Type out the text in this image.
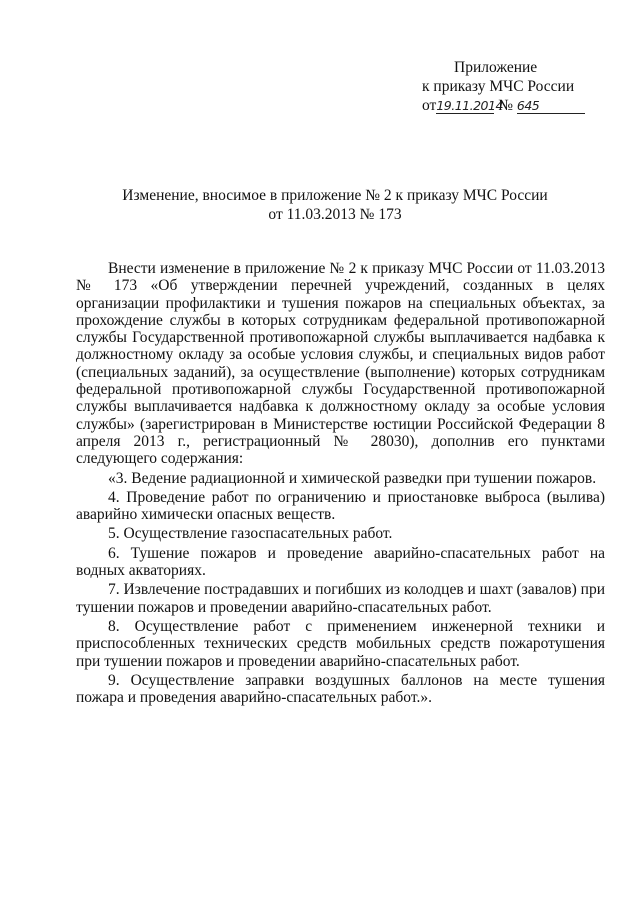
Приложение
к приказу МЧС России
от19.11.2014 № 645
Изменение, вносимое в приложение № 2 к приказу МЧС России
от 11.03.2013 № 173

Внести изменение в приложение № 2 к приказу МЧС России от 11.03.2013 № 173 «Об утверждении перечней учреждений, созданных в целях организации профилактики и тушения пожаров на специальных объектах, за прохождение службы в которых сотрудникам федеральной противопожарной службы Государственной противопожарной службы выплачивается надбавка к должностному окладу за особые условия службы, и специальных видов работ (специальных заданий), за осуществление (выполнение) которых сотрудникам федеральной противопожарной службы Государственной противопожарной службы выплачивается надбавка к должностному окладу за особые условия службы» (зарегистрирован в Министерстве юстиции Российской Федерации 8 апреля 2013 г., регистрационный № 28030), дополнив его пунктами следующего содержания:

«3. Ведение радиационной и химической разведки при тушении пожаров.

4. Проведение работ по ограничению и приостановке выброса (вылива) аварийно химически опасных веществ.

5. Осуществление газоспасательных работ.

6. Тушение пожаров и проведение аварийно-спасательных работ на водных акваториях.

7. Извлечение пострадавших и погибших из колодцев и шахт (завалов) при тушении пожаров и проведении аварийно-спасательных работ.

8. Осуществление работ с применением инженерной техники и приспособленных технических средств мобильных средств пожаротушения при тушении пожаров и проведении аварийно-спасательных работ.

9. Осуществление заправки воздушных баллонов на месте тушения пожара и проведения аварийно-спасательных работ.».
